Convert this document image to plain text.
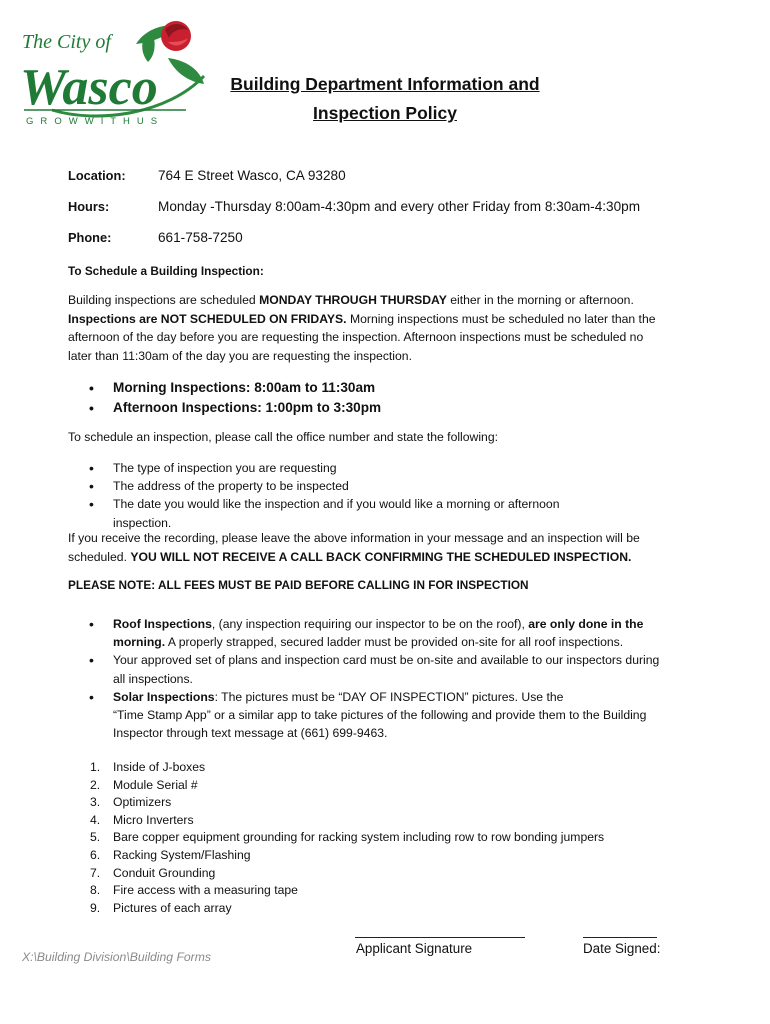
The City of
Wasco
G R O W W I T H U S
Building Department Information and
Inspection Policy
Location: 764 E Street Wasco, CA 93280
Hours:	Monday -Thursday 8:00am-4:30pm and every other Friday from 8:30am-4:30pm
Phone:	661-758-7250
To Schedule a Building Inspection:
Building inspections are scheduled MONDAY THROUGH THURSDAY either in the morning or afternoon.
Inspections are NOT SCHEDULED ON FRIDAYS. Morning inspections must be scheduled no later than the
afternoon of the day before you are requesting the inspection. Afternoon inspections must be scheduled no
later than 11:30am of the day you are requesting the inspection.
• Morning Inspections: 8:00am to 11:30am
• Afternoon Inspections: 1:00pm to 3:30pm
To schedule an inspection, please call the office number and state the following:
• The type of inspection you are requesting
• The address of the property to be inspected
• The date you would like the inspection and if you would like a morning or afternoon
inspection.
If you receive the recording, please leave the above information in your message and an inspection will be
scheduled. YOU WILL NOT RECEIVE A CALL BACK CONFIRMING THE SCHEDULED INSPECTION.
PLEASE NOTE: ALL FEES MUST BE PAID BEFORE CALLING IN FOR INSPECTION
• Roof Inspections, (any inspection requiring our inspector to be on the roof), are only done in the
morning. A properly strapped, secured ladder must be provided on-site for all roof inspections.
• Your approved set of plans and inspection card must be on-site and available to our inspectors during
all inspections.
• Solar Inspections: The pictures must be “DAY OF INSPECTION” pictures. Use the
“Time Stamp App” or a similar app to take pictures of the following and provide them to the Building
Inspector through text message at (661) 699-9463.
1. Inside of J-boxes
2. Module Serial #
3. Optimizers
4. Micro Inverters
5. Bare copper equipment grounding for racking system including row to row bonding jumpers
6. Racking System/Flashing
7. Conduit Grounding
8. Fire access with a measuring tape
9. Pictures of each array
X:\Building Division\Building Forms
Applicant Signature	Date Signed:
